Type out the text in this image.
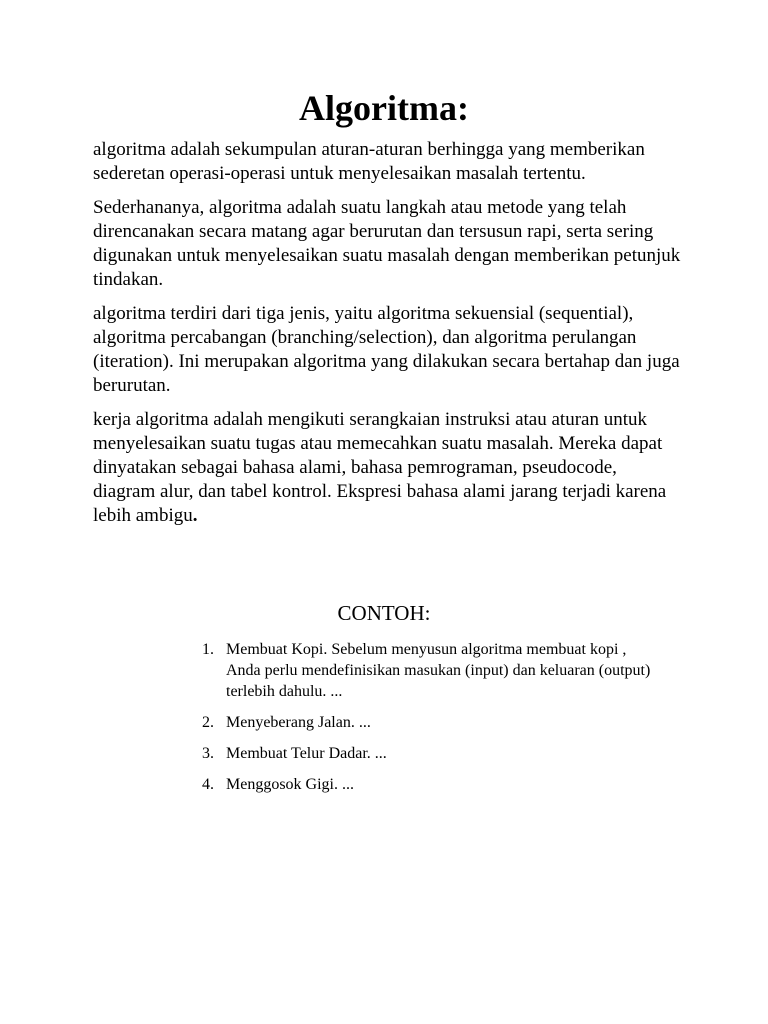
Algoritma:

algoritma adalah sekumpulan aturan-aturan berhingga yang memberikan sederetan operasi-operasi untuk menyelesaikan masalah tertentu.

Sederhananya, algoritma adalah suatu langkah atau metode yang telah direncanakan secara matang agar berurutan dan tersusun rapi, serta sering digunakan untuk menyelesaikan suatu masalah dengan memberikan petunjuk tindakan.

algoritma terdiri dari tiga jenis, yaitu algoritma sekuensial (sequential), algoritma percabangan (branching/selection), dan algoritma perulangan (iteration). Ini merupakan algoritma yang dilakukan secara bertahap dan juga berurutan.

kerja algoritma adalah mengikuti serangkaian instruksi atau aturan untuk menyelesaikan suatu tugas atau memecahkan suatu masalah. Mereka dapat dinyatakan sebagai bahasa alami, bahasa pemrograman, pseudocode, diagram alur, dan tabel kontrol. Ekspresi bahasa alami jarang terjadi karena lebih ambigu.

CONTOH:
1. Membuat Kopi. Sebelum menyusun algoritma membuat kopi , Anda perlu mendefinisikan masukan (input) dan keluaran (output) terlebih dahulu. ...
2. Menyeberang Jalan. ...
3. Membuat Telur Dadar. ...
4. Menggosok Gigi. ...
